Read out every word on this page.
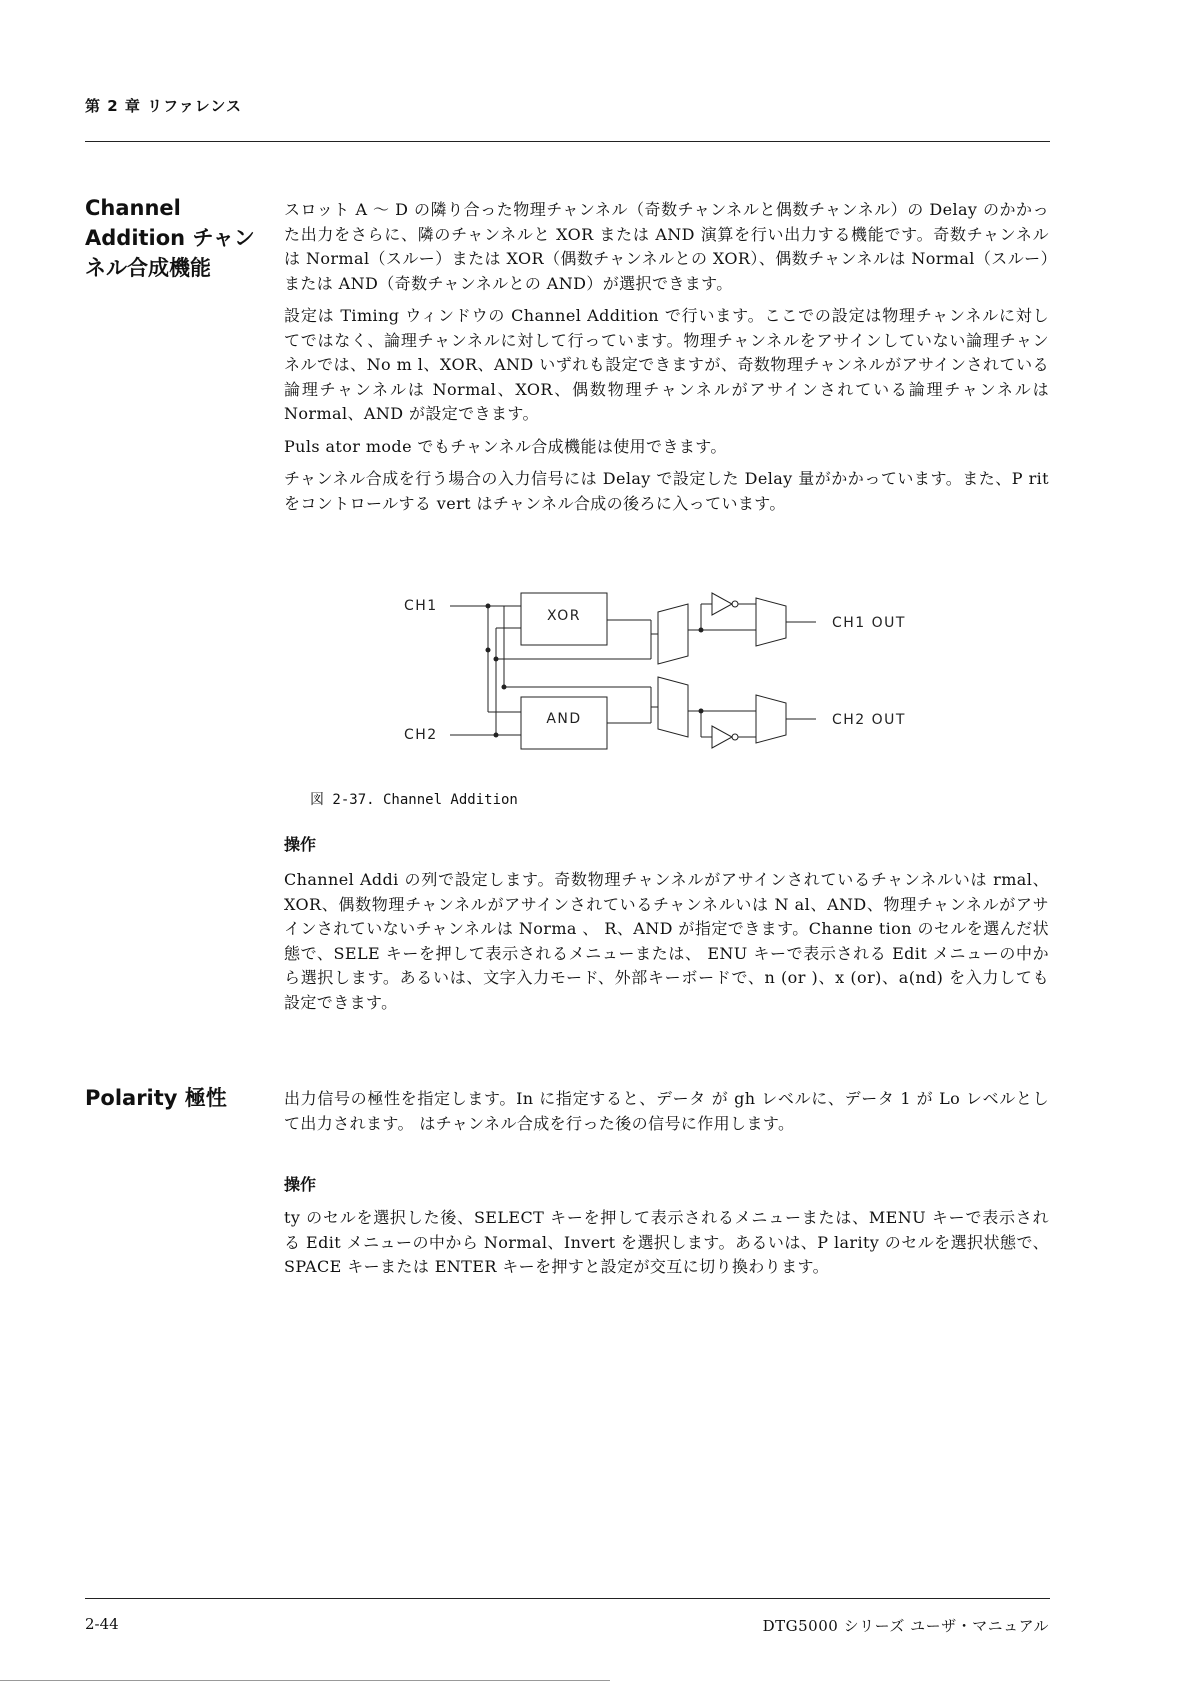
第 2 章 リファレンス
Channel Addition チャンネル合成機能

スロット A 〜 D の隣り合った物理チャンネル（奇数チャンネルと偶数チャンネル）の Delay のかかった出力をさらに、隣のチャンネルと XOR または AND 演算を行い出力する機能です。奇数チャンネルは Normal（スルー）または XOR（偶数チャンネルとの XOR）、偶数チャンネルは Normal（スルー）または AND（奇数チャンネルとの AND）が選択できます。

設定は Timing ウィンドウの Channel Addition で行います。ここでの設定は物理チャンネルに対してではなく、論理チャンネルに対して行っています。物理チャンネルをアサインしていない論理チャンネルでは、No m l、XOR、AND いずれも設定できますが、奇数物理チャンネルがアサインされている論理チャンネルは Normal、XOR、偶数物理チャンネルがアサインされている論理チャンネルは Normal、AND が設定できます。

Puls ator mode でもチャンネル合成機能は使用できます。

チャンネル合成を行う場合の入力信号には Delay で設定した Delay 量がかかっています。また、P rit をコントロールする vert はチャンネル合成の後ろに入っています。

CH1
CH2
XOR
AND
CH1 OUT
CH2 OUT
図 2-37. Channel Addition
操作

Channel Addi の列で設定します。奇数物理チャンネルがアサインされているチャンネルいは rmal、XOR、偶数物理チャンネルがアサインされているチャンネルいは N al、AND、物理チャンネルがアサインされていないチャンネルは Norma 、 R、AND が指定できます。Channe tion のセルを選んだ状態で、SELE キーを押して表示されるメニューまたは、 ENU キーで表示される Edit メニューの中から選択します。あるいは、文字入力モード、外部キーボードで、n (or )、x (or)、a(nd) を入力しても設定できます。

Polarity 極性	出力信号の極性を指定します。In に指定すると、データ が gh レベルに、データ 1 が Lo レベルとして出力されます。 はチャンネル合成を行った後の信号に作用します。

操作

ty のセルを選択した後、SELECT キーを押して表示されるメニューまたは、MENU キーで表示される Edit メニューの中から Normal、Invert を選択します。あるいは、P larity のセルを選択状態で、SPACE キーまたは ENTER キーを押すと設定が交互に切り換わります。

2-44	DTG5000 シリーズ ユーザ・マニュアル
